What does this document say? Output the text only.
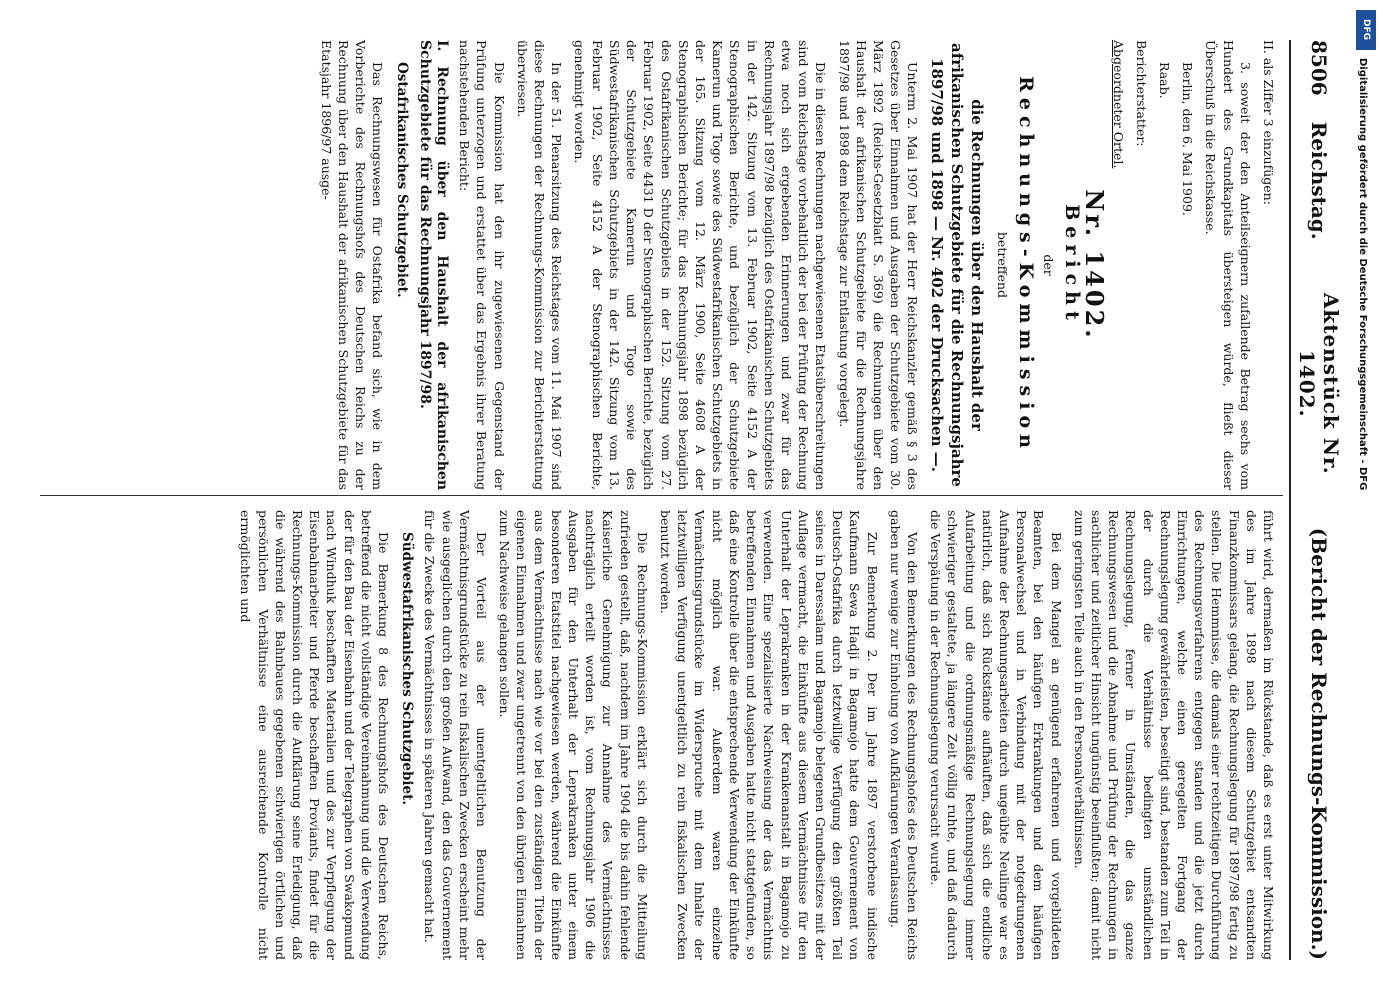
8506
Reichstag.
Aktenstück Nr. 1402.
(Bericht der Rechnungs-Kommission.)

II. als Ziffer 3 einzufügen:

3. soweit der den Anteilseignern zufallende Betrag sechs vom Hundert des Grundkapitals übersteigen würde, fließt dieser Überschuß in die Reichskasse.

Berlin, den 6. Mai 1909.

Raab.

Berichterstatter:

Abgeordneter Ortel.

Nr. 1402.

Bericht

der

Rechnungs-Kommission

betreffend

die Rechnungen über den Haushalt der afrikanischen Schutzgebiete für die Rechnungsjahre 1897/98 und 1898 — Nr. 402 der Drucksachen —.

Unterm 2. Mai 1907 hat der Herr Reichskanzler gemäß § 3 des Gesetzes über Einnahmen und Ausgaben der Schutzgebiete vom 30. März 1892 (Reichs-Gesetzblatt S. 369) die Rechnungen über den Haushalt der afrikanischen Schutzgebiete für die Rechnungsjahre 1897/98 und 1898 dem Reichstage zur Entlastung vorgelegt.

Die in diesen Rechnungen nachgewiesenen Etatsüberschreitungen sind vom Reichstage vorbehaltlich der bei der Prüfung der Rechnung etwa noch sich ergebenden Erinnerungen und zwar für das Rechnungsjahr 1897/98 bezüglich des Ostafrikanischen Schutzgebiets in der 142. Sitzung vom 13. Februar 1902, Seite 4152 A der Stenographischen Berichte, und bezüglich der Schutzgebiete Kamerun und Togo sowie des Südwestafrikanischen Schutzgebiets in der 165. Sitzung vom 12. März 1900, Seite 4608 A der Stenographischen Berichte; für das Rechnungsjahr 1898 bezüglich des Ostafrikanischen Schutzgebiets in der 152. Sitzung vom 27. Februar 1902, Seite 4431 D der Stenographischen Berichte, bezüglich der Schutzgebiete Kamerun und Togo sowie des Südwestafrikanischen Schutzgebiets in der 142. Sitzung vom 13. Februar 1902, Seite 4152 A der Stenographischen Berichte, genehmigt worden.

In der 51. Plenarsitzung des Reichstages vom 11. Mai 1907 sind diese Rechnungen der Rechnungs-Kommission zur Berichterstattung überwiesen.

Die Kommission hat den ihr zugewiesenen Gegenstand der Prüfung unterzogen und erstattet über das Ergebnis ihrer Beratung nachstehenden Bericht:

I. Rechnung über den Haushalt der afrikanischen Schutzgebiete für das Rechnungsjahr 1897/98.

Ostafrikanisches Schutzgebiet.

Das Rechnungswesen für Ostafrika befand sich, wie in dem Vorberichte des Rechnungshofs des Deutschen Reichs zu der Rechnung über den Haushalt der afrikanischen Schutzgebiete für das Etatsjahr 1896/97 ausge-

führt wird, dermaßen im Rückstande, daß es erst unter Mitwirkung des im Jahre 1898 nach diesem Schutzgebiet entsandten Finanzkommissars gelang, die Rechnungslegung für 1897/98 fertig zu stellen. Die Hemmnisse, die damals einer rechtzeitigen Durchführung des Rechnungsverfahrens entgegen standen und die jetzt durch Einrichtungen, welche einen geregelten Fortgang der Rechnungslegung gewährleisten, beseitigt sind, bestanden zum Teil in der durch die Verhältnisse bedingten umständlichen Rechnungslegung, ferner in Umständen, die das ganze Rechnungswesen und die Abnahme und Prüfung der Rechnungen in sachlicher und zeitlicher Hinsicht ungünstig beeinflußten; damit nicht zum geringsten Teile auch in den Personalverhältnissen.

Bei dem Mangel an genügend erfahrenen und vorgebildeten Beamten, bei den häufigen Erkrankungen und dem häufigen Personalwechsel und in Verbindung mit der notgedrungenen Aufnahme der Rechnungsarbeiten durch ungeübte Neulinge war es natürlich, daß sich Rückstände aufhäuften, daß sich die endliche Aufarbeitung und die ordnungsmäßige Rechnungslegung immer schwieriger gestaltete, ja längere Zeit völlig ruhte, und daß dadurch die Verspätung in der Rechnungslegung verursacht wurde.

Von den Bemerkungen des Rechnungshofes des Deutschen Reichs gaben nur wenige zur Einholung von Aufklärungen Veranlassung.

Zur Bemerkung 2. Der im Jahre 1897 verstorbene indische Kaufmann Sewa Hadji in Bagamojo hatte dem Gouvernement von Deutsch-Ostafrika durch letztwillige Verfügung den größten Teil seines in Daressalam und Bagamojo belegenen Grundbesitzes mit der Auflage vermacht, die Einkünfte aus diesem Vermächtnisse für den Unterhalt der Leprakranken in der Krankenanstalt in Bagamojo zu verwenden. Eine spezialisierte Nachweisung der das Vermächtnis betreffenden Einnahmen und Ausgaben hatte nicht stattgefunden, so daß eine Kontrolle über die entsprechende Verwendung der Einkünfte nicht möglich war. Außerdem waren einzelne Vermächtnisgrundstücke im Widerspruche mit dem Inhalte der letztwilligen Verfügung unentgeltlich zu rein fiskalischen Zwecken benutzt worden.

Die Rechnungs-Kommission erklärt sich durch die Mitteilung zufrieden gestellt, daß, nachdem im Jahre 1904 die bis dahin fehlende Kaiserliche Genehmigung zur Annahme des Vermächtnisses nachträglich erteilt worden ist, vom Rechnungsjahr 1906 die Ausgaben für den Unterhalt der Leprakranken unter einem besonderen Etatstitel nachgewiesen werden, während die Einkünfte aus dem Vermächtnisse nach wie vor bei den zuständigen Titeln der eigenen Einnahmen und zwar ungetrennt von den übrigen Einnahmen zum Nachweise gelangen sollen.

Der Vorteil aus der unentgeltlichen Benutzung der Vermächtnisgrundstücke zu rein fiskalischen Zwecken erscheint mehr wie ausgeglichen durch den großen Aufwand, den das Gouvernement für die Zwecke des Vermächtnisses in späteren Jahren gemacht hat.

Südwestafrikanisches Schutzgebiet.

Die Bemerkung 8 des Rechnungshofs des Deutschen Reichs, betreffend die nicht vollständige Vereinnahmung und die Verwendung der für den Bau der Eisenbahn und der Telegraphen von Swakopmund nach Windhuk beschafften Materialien und des zur Verpflegung der Eisenbahnarbeiter und Pferde beschafften Proviants, findet für die Rechnungs-Kommission durch die Aufklärung seine Erledigung, daß die während des Bahnbaues gegebenen schwierigen örtlichen und persönlichen Verhältnisse eine ausreichende Kontrolle nicht ermöglichten und

DFG
Digitalisierung gefördert durch die Deutsche Forschungsgemeinschaft - DFG
